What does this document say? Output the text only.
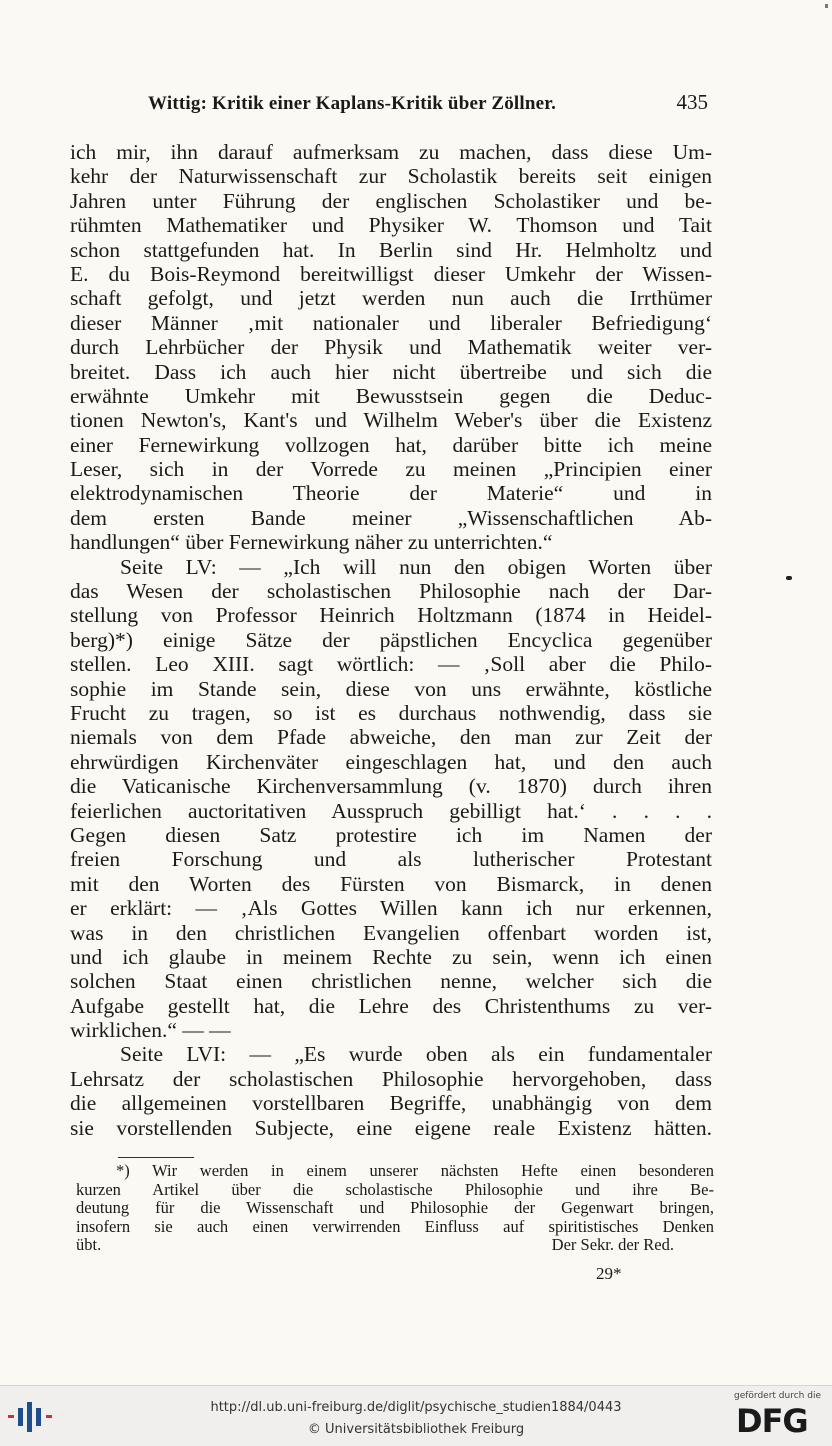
Wittig: Kritik einer Kaplans-Kritik über Zöllner.	435
ich mir, ihn darauf aufmerksam zu machen, dass diese Um-
kehr der Naturwissenschaft zur Scholastik bereits seit einigen
Jahren unter Führung der englischen Scholastiker und be-
rühmten Mathematiker und Physiker W. Thomson und Tait
schon stattgefunden hat. In Berlin sind Hr. Helmholtz und
E. du Bois-Reymond bereitwilligst dieser Umkehr der Wissen-
schaft gefolgt, und jetzt werden nun auch die Irrthümer
dieser Männer ‚mit nationaler und liberaler Befriedigung‘
durch Lehrbücher der Physik und Mathematik weiter ver-
breitet. Dass ich auch hier nicht übertreibe und sich die
erwähnte Umkehr mit Bewusstsein gegen die Deduc-
tionen Newton's, Kant's und Wilhelm Weber's über die Existenz
einer Fernewirkung vollzogen hat, darüber bitte ich meine
Leser, sich in der Vorrede zu meinen „Principien einer
elektrodynamischen Theorie der Materie“ und in
dem ersten Bande meiner „Wissenschaftlichen Ab-
handlungen“ über Fernewirkung näher zu unterrichten.“
Seite LV: — „Ich will nun den obigen Worten über
das Wesen der scholastischen Philosophie nach der Dar-
stellung von Professor Heinrich Holtzmann (1874 in Heidel-
berg)*) einige Sätze der päpstlichen Encyclica gegenüber
stellen. Leo XIII. sagt wörtlich: — ‚Soll aber die Philo-
sophie im Stande sein, diese von uns erwähnte, köstliche
Frucht zu tragen, so ist es durchaus nothwendig, dass sie
niemals von dem Pfade abweiche, den man zur Zeit der
ehrwürdigen Kirchenväter eingeschlagen hat, und den auch
die Vaticanische Kirchenversammlung (v. 1870) durch ihren
feierlichen auctoritativen Ausspruch gebilligt hat.‘ . . . .
Gegen diesen Satz protestire ich im Namen der
freien Forschung und als lutherischer Protestant
mit den Worten des Fürsten von Bismarck, in denen
er erklärt: — ‚Als Gottes Willen kann ich nur erkennen,
was in den christlichen Evangelien offenbart worden ist,
und ich glaube in meinem Rechte zu sein, wenn ich einen
solchen Staat einen christlichen nenne, welcher sich die
Aufgabe gestellt hat, die Lehre des Christenthums zu ver-
wirklichen.“ — —
Seite LVI: — „Es wurde oben als ein fundamentaler
Lehrsatz der scholastischen Philosophie hervorgehoben, dass
die allgemeinen vorstellbaren Begriffe, unabhängig von dem
sie vorstellenden Subjecte, eine eigene reale Existenz hätten.
*) Wir werden in einem unserer nächsten Hefte einen besonderen
kurzen Artikel über die scholastische Philosophie und ihre Be-
deutung für die Wissenschaft und Philosophie der Gegenwart bringen,
insofern sie auch einen verwirrenden Einfluss auf spiritistisches Denken
übt.	Der Sekr. der Red.
29*
http://dl.ub.uni-freiburg.de/diglit/psychische_studien1884/0443
© Universitätsbibliothek Freiburg
gefördert durch die
DFG
